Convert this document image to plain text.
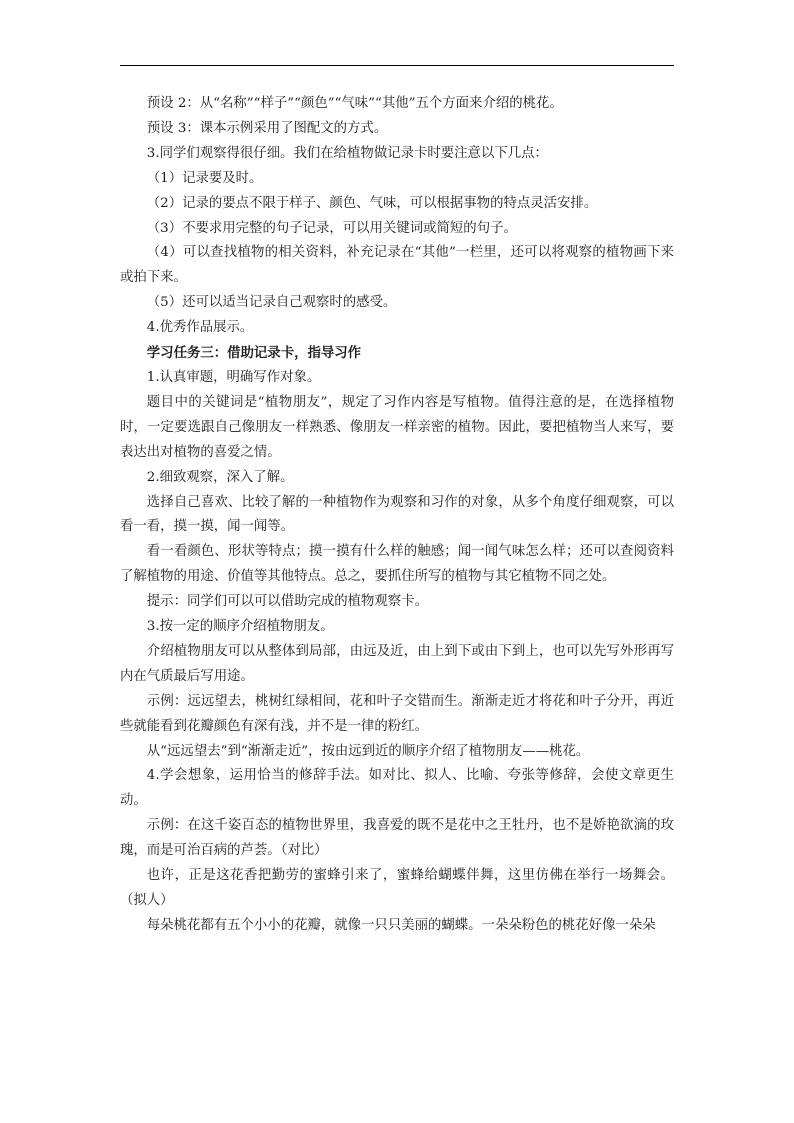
预设 2：从“名称”“样子”“颜色”“气味”“其他”五个方面来介绍的桃花。

预设 3：课本示例采用了图配文的方式。

3.同学们观察得很仔细。我们在给植物做记录卡时要注意以下几点：

（1）记录要及时。

（2）记录的要点不限于样子、颜色、气味，可以根据事物的特点灵活安排。

（3）不要求用完整的句子记录，可以用关键词或简短的句子。

（4）可以查找植物的相关资料，补充记录在“其他”一栏里，还可以将观察的植物画下来或拍下来。

（5）还可以适当记录自己观察时的感受。

4.优秀作品展示。

学习任务三：借助记录卡，指导习作

1.认真审题，明确写作对象。

题目中的关键词是“植物朋友”，规定了习作内容是写植物。值得注意的是，在选择植物时，一定要选跟自己像朋友一样熟悉、像朋友一样亲密的植物。因此，要把植物当人来写，要表达出对植物的喜爱之情。

2.细致观察，深入了解。

选择自己喜欢、比较了解的一种植物作为观察和习作的对象，从多个角度仔细观察，可以看一看，摸一摸，闻一闻等。

看一看颜色、形状等特点；摸一摸有什么样的触感；闻一闻气味怎么样；还可以查阅资料了解植物的用途、价值等其他特点。总之，要抓住所写的植物与其它植物不同之处。

提示：同学们可以可以借助完成的植物观察卡。

3.按一定的顺序介绍植物朋友。

介绍植物朋友可以从整体到局部，由远及近，由上到下或由下到上，也可以先写外形再写内在气质最后写用途。

示例：远远望去，桃树红绿相间，花和叶子交错而生。渐渐走近才将花和叶子分开，再近些就能看到花瓣颜色有深有浅，并不是一律的粉红。

从“远远望去”到“渐渐走近”，按由远到近的顺序介绍了植物朋友——桃花。

4.学会想象，运用恰当的修辞手法。如对比、拟人、比喻、夸张等修辞，会使文章更生动。

示例：在这千姿百态的植物世界里，我喜爱的既不是花中之王牡丹，也不是娇艳欲滴的玫瑰，而是可治百病的芦荟。（对比）

也许，正是这花香把勤劳的蜜蜂引来了，蜜蜂给蝴蝶伴舞，这里仿佛在举行一场舞会。（拟人）

每朵桃花都有五个小小的花瓣，就像一只只美丽的蝴蝶。一朵朵粉色的桃花好像一朵朵
